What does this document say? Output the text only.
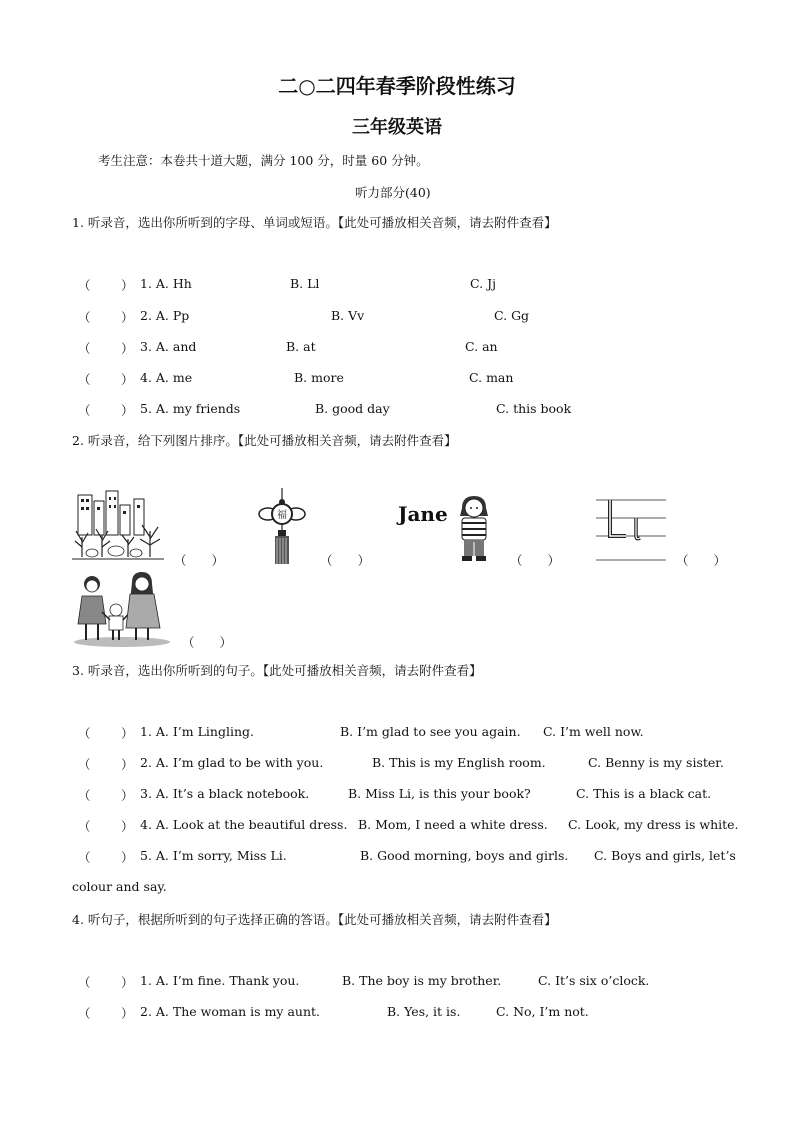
二○二四年春季阶段性练习
三年级英语
考生注意：本卷共十道大题，满分 100 分，时量 60 分钟。
听力部分(40)
1. 听录音，选出你所听到的字母、单词或短语。【此处可播放相关音频，请去附件查看】
（ ） 1. A. Hh	B. Ll	C. Jj
（ ） 2. A. Pp	B. Vv	C. Gg
（ ） 3. A. and	B. at	C. an
（ ） 4. A. me	B. more	C. man
（ ） 5. A. my friends	B. good day	C. this book
2. 听录音，给下列图片排序。【此处可播放相关音频，请去附件查看】
（　　）
福
（　　）
Jane
（　　）	（　　）
（　　）
3. 听录音，选出你所听到的句子。【此处可播放相关音频，请去附件查看】
（ ） 1. A. I’m Lingling.	B. I’m glad to see you again. C. I’m well now.
（ ） 2. A. I’m glad to be with you.	B. This is my English room.	C. Benny is my sister.
（ ） 3. A. It’s a black notebook.	B. Miss Li, is this your book?	C. This is a black cat.
（ ） 4. A. Look at the beautiful dress. B. Mom, I need a white dress. C. Look, my dress is white.
（ ） 5. A. I’m sorry, Miss Li.	B. Good morning, boys and girls. C. Boys and girls, let’s
colour and say.
4. 听句子，根据所听到的句子选择正确的答语。【此处可播放相关音频，请去附件查看】
（ ） 1. A. I’m fine. Thank you.	B. The boy is my brother.	C. It’s six o’clock.
（ ） 2. A. The woman is my aunt.	B. Yes, it is.	C. No, I’m not.
